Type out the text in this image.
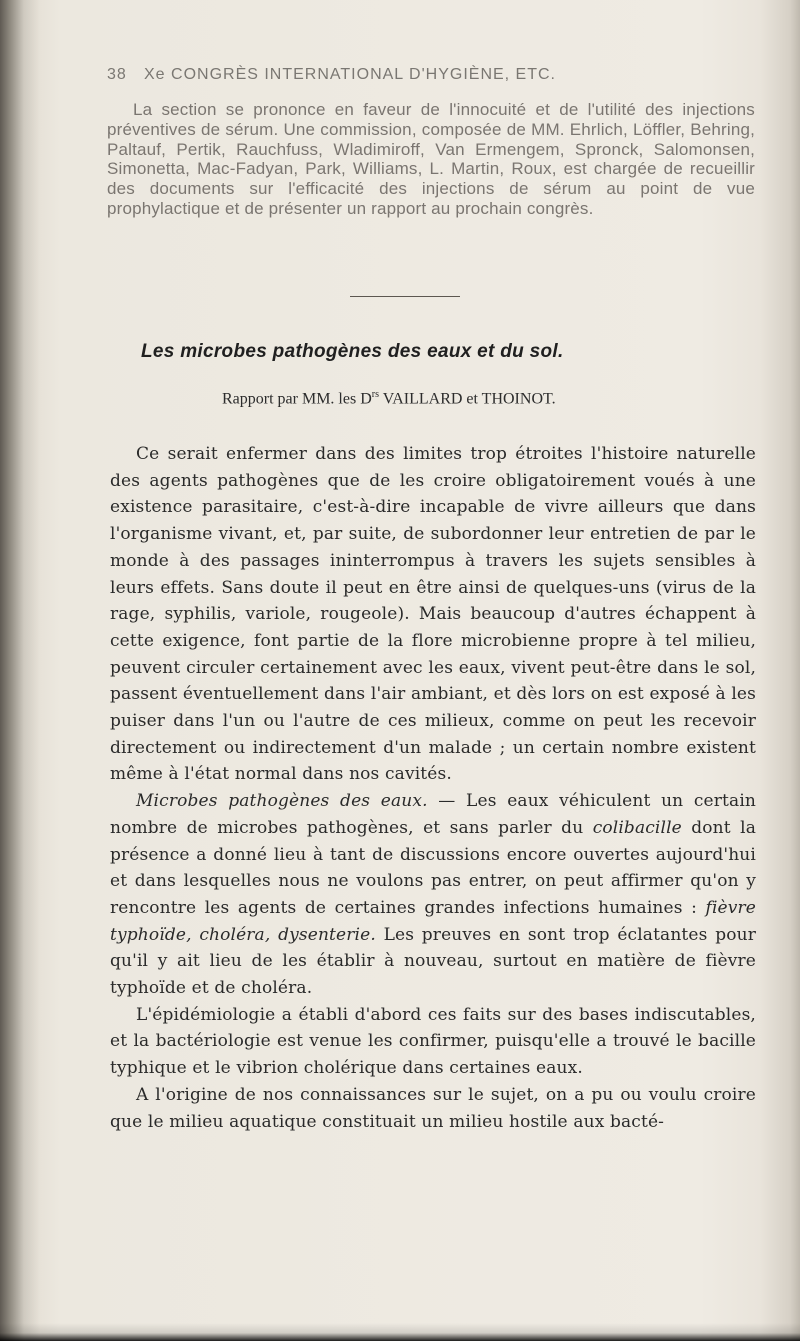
38 Xe CONGRÈS INTERNATIONAL D'HYGIÈNE, ETC.
La section se prononce en faveur de l'innocuité et de l'utilité des injections préventives de sérum. Une commission, composée de MM. Ehrlich, Löffler, Behring, Paltauf, Pertik, Rauchfuss, Wladimiroff, Van Ermengem, Spronck, Salomonsen, Simonetta, Mac-Fadyan, Park, Williams, L. Martin, Roux, est chargée de recueillir des documents sur l'efficacité des injections de sérum au point de vue prophylactique et de présenter un rapport au prochain congrès.
Les microbes pathogènes des eaux et du sol.
Rapport par MM. les $D^{rs}$ VAILLARD et THOINOT.

Ce serait enfermer dans des limites trop étroites l'histoire naturelle des agents pathogènes que de les croire obligatoirement voués à une existence parasitaire, c'est-à-dire incapable de vivre ailleurs que dans l'organisme vivant, et, par suite, de subordonner leur entretien de par le monde à des passages ininterrompus à travers les sujets sensibles à leurs effets. Sans doute il peut en être ainsi de quelques-uns (virus de la rage, syphilis, variole, rougeole). Mais beaucoup d'autres échappent à cette exigence, font partie de la flore microbienne propre à tel milieu, peuvent circuler certainement avec les eaux, vivent peut-être dans le sol, passent éventuellement dans l'air ambiant, et dès lors on est exposé à les puiser dans l'un ou l'autre de ces milieux, comme on peut les recevoir directement ou indirectement d'un malade ; un certain nombre existent même à l'état normal dans nos cavités.

Microbes pathogènes des eaux. — Les eaux véhiculent un certain nombre de microbes pathogènes, et sans parler du colibacille dont la présence a donné lieu à tant de discussions encore ouvertes aujourd'hui et dans lesquelles nous ne voulons pas entrer, on peut affirmer qu'on y rencontre les agents de certaines grandes infections humaines : fièvre typhoïde, choléra, dysenterie. Les preuves en sont trop éclatantes pour qu'il y ait lieu de les établir à nouveau, surtout en matière de fièvre typhoïde et de choléra.

L'épidémiologie a établi d'abord ces faits sur des bases indiscutables, et la bactériologie est venue les confirmer, puisqu'elle a trouvé le bacille typhique et le vibrion cholérique dans certaines eaux.

A l'origine de nos connaissances sur le sujet, on a pu ou voulu croire que le milieu aquatique constituait un milieu hostile aux bacté-
